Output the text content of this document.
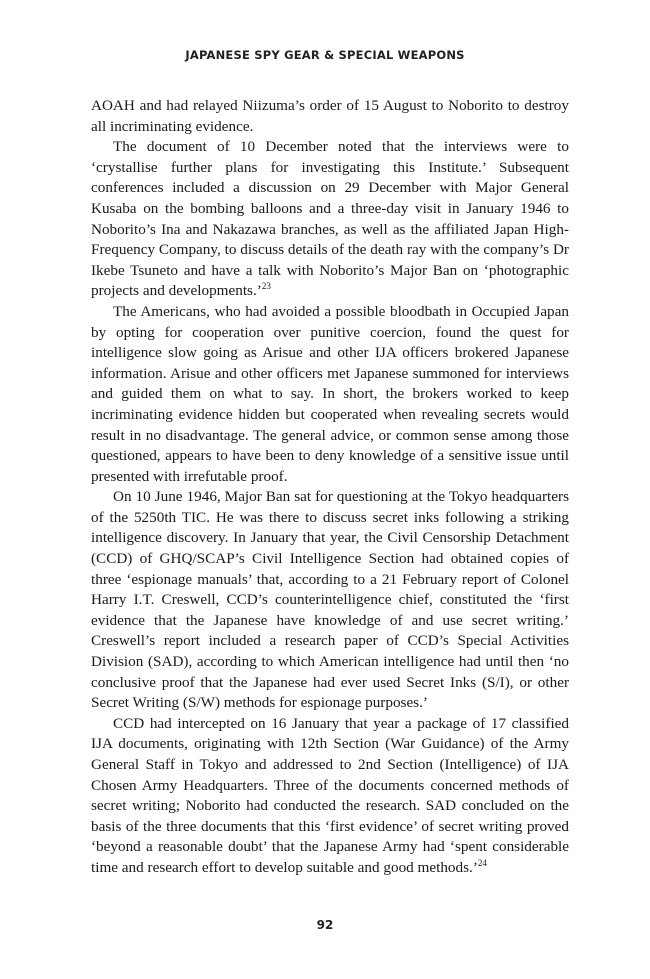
JAPANESE SPY GEAR & SPECIAL WEAPONS

AOAH and had relayed Niizuma’s order of 15 August to Noborito to destroy all incriminating evidence.

The document of 10 December noted that the interviews were to ‘crystallise further plans for investigating this Institute.’ Subsequent conferences included a discussion on 29 December with Major General Kusaba on the bombing balloons and a three-day visit in January 1946 to Noborito’s Ina and Nakazawa branches, as well as the affiliated Japan High-Frequency Company, to discuss details of the death ray with the company’s Dr Ikebe Tsuneto and have a talk with Noborito’s Major Ban on ‘photographic projects and developments.’$^{23}$

The Americans, who had avoided a possible bloodbath in Occupied Japan by opting for cooperation over punitive coercion, found the quest for intelligence slow going as Arisue and other IJA officers brokered Japanese information. Arisue and other officers met Japanese summoned for interviews and guided them on what to say. In short, the brokers worked to keep incriminating evidence hidden but cooperated when revealing secrets would result in no disadvantage. The general advice, or common sense among those questioned, appears to have been to deny knowledge of a sensitive issue until presented with irrefutable proof.

On 10 June 1946, Major Ban sat for questioning at the Tokyo headquarters of the 5250th TIC. He was there to discuss secret inks following a striking intelligence discovery. In January that year, the Civil Censorship Detachment (CCD) of GHQ/SCAP’s Civil Intelligence Section had obtained copies of three ‘espionage manuals’ that, according to a 21 February report of Colonel Harry I.T. Creswell, CCD’s counterintelligence chief, constituted the ‘first evidence that the Japanese have knowledge of and use secret writing.’ Creswell’s report included a research paper of CCD’s Special Activities Division (SAD), according to which American intelligence had until then ‘no conclusive proof that the Japanese had ever used Secret Inks (S/I), or other Secret Writing (S/W) methods for espionage purposes.’

CCD had intercepted on 16 January that year a package of 17 classified IJA documents, originating with 12th Section (War Guidance) of the Army General Staff in Tokyo and addressed to 2nd Section (Intelligence) of IJA Chosen Army Headquarters. Three of the documents concerned methods of secret writing; Noborito had conducted the research. SAD concluded on the basis of the three documents that this ‘first evidence’ of secret writing proved ‘beyond a reasonable doubt’ that the Japanese Army had ‘spent considerable time and research effort to develop suitable and good methods.’$^{24}$

92
